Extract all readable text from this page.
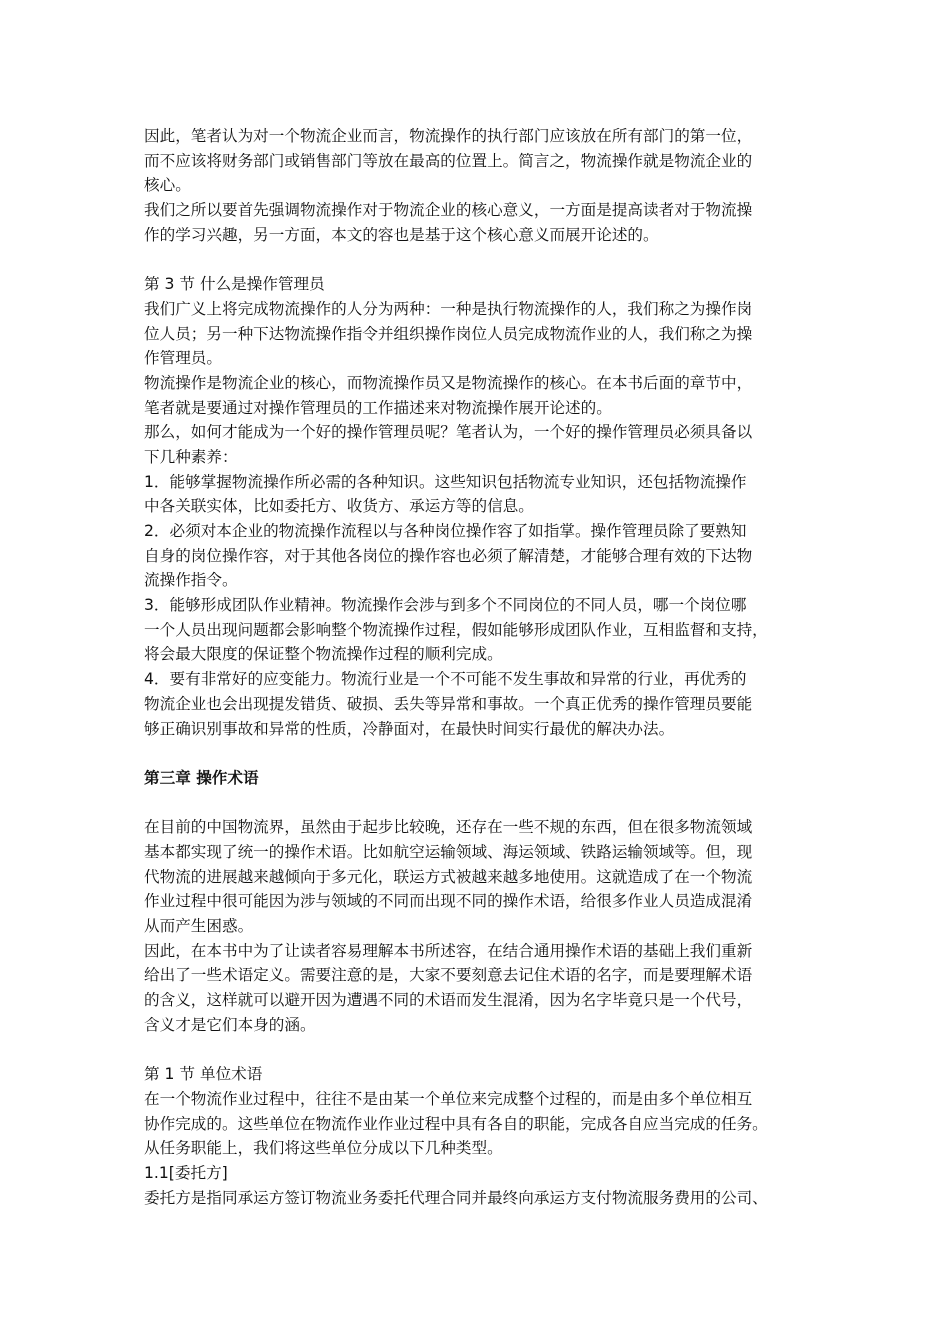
因此，笔者认为对一个物流企业而言，物流操作的执行部门应该放在所有部门的第一位，
而不应该将财务部门或销售部门等放在最高的位置上。简言之，物流操作就是物流企业的
核心。
我们之所以要首先强调物流操作对于物流企业的核心意义，一方面是提高读者对于物流操
作的学习兴趣，另一方面，本文的容也是基于这个核心意义而展开论述的。
第 3 节 什么是操作管理员
我们广义上将完成物流操作的人分为两种：一种是执行物流操作的人，我们称之为操作岗
位人员；另一种下达物流操作指令并组织操作岗位人员完成物流作业的人，我们称之为操
作管理员。
物流操作是物流企业的核心，而物流操作员又是物流操作的核心。在本书后面的章节中，
笔者就是要通过对操作管理员的工作描述来对物流操作展开论述的。
那么，如何才能成为一个好的操作管理员呢？笔者认为，一个好的操作管理员必须具备以
下几种素养：
1．能够掌握物流操作所必需的各种知识。这些知识包括物流专业知识，还包括物流操作
中各关联实体，比如委托方、收货方、承运方等的信息。
2．必须对本企业的物流操作流程以与各种岗位操作容了如指掌。操作管理员除了要熟知
自身的岗位操作容，对于其他各岗位的操作容也必须了解清楚，才能够合理有效的下达物
流操作指令。
3．能够形成团队作业精神。物流操作会涉与到多个不同岗位的不同人员，哪一个岗位哪
一个人员出现问题都会影响整个物流操作过程，假如能够形成团队作业，互相监督和支持，
将会最大限度的保证整个物流操作过程的顺利完成。
4．要有非常好的应变能力。物流行业是一个不可能不发生事故和异常的行业，再优秀的
物流企业也会出现提发错货、破损、丢失等异常和事故。一个真正优秀的操作管理员要能
够正确识别事故和异常的性质，冷静面对，在最快时间实行最优的解决办法。
第三章 操作术语
在目前的中国物流界，虽然由于起步比较晚，还存在一些不规的东西，但在很多物流领域
基本都实现了统一的操作术语。比如航空运输领域、海运领域、铁路运输领域等。但，现
代物流的进展越来越倾向于多元化，联运方式被越来越多地使用。这就造成了在一个物流
作业过程中很可能因为涉与领域的不同而出现不同的操作术语，给很多作业人员造成混淆
从而产生困惑。
因此，在本书中为了让读者容易理解本书所述容，在结合通用操作术语的基础上我们重新
给出了一些术语定义。需要注意的是，大家不要刻意去记住术语的名字，而是要理解术语
的含义，这样就可以避开因为遭遇不同的术语而发生混淆，因为名字毕竟只是一个代号，
含义才是它们本身的涵。
第 1 节 单位术语
在一个物流作业过程中，往往不是由某一个单位来完成整个过程的，而是由多个单位相互
协作完成的。这些单位在物流作业作业过程中具有各自的职能，完成各自应当完成的任务。
从任务职能上，我们将这些单位分成以下几种类型。
1.1[委托方]
委托方是指同承运方签订物流业务委托代理合同并最终向承运方支付物流服务费用的公司、
